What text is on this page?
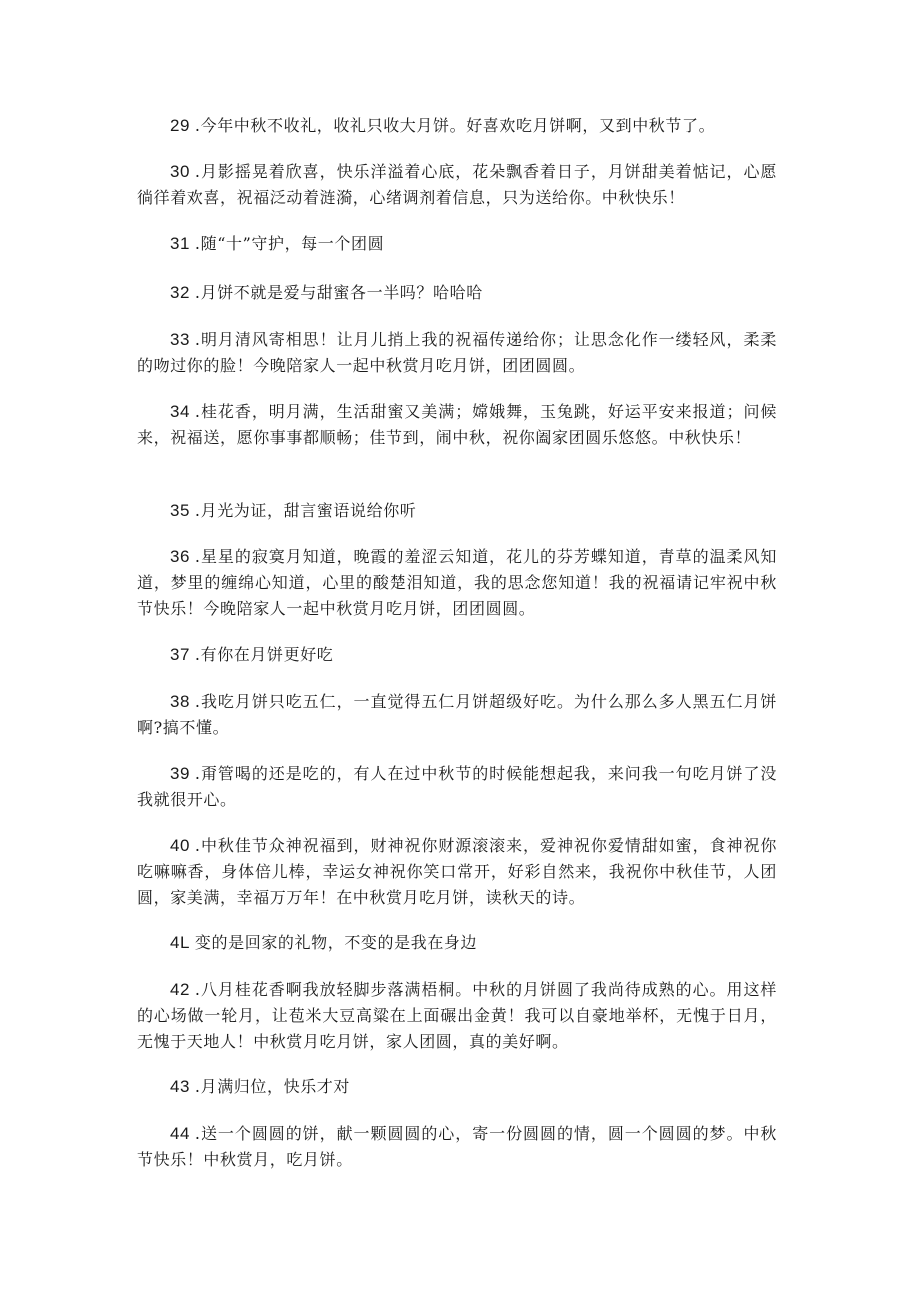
29 .今年中秋不收礼，收礼只收大月饼。好喜欢吃月饼啊，又到中秋节了。

30 .月影摇晃着欣喜，快乐洋溢着心底，花朵飘香着日子，月饼甜美着惦记，心愿徜徉着欢喜，祝福泛动着涟漪，心绪调剂着信息，只为送给你。中秋快乐！

31 .随“十”守护，每一个团圆

32 .月饼不就是爱与甜蜜各一半吗？哈哈哈

33 .明月清风寄相思！让月儿捎上我的祝福传递给你；让思念化作一缕轻风，柔柔的吻过你的脸！今晚陪家人一起中秋赏月吃月饼，团团圆圆。

34 .桂花香，明月满，生活甜蜜又美满；嫦娥舞，玉兔跳，好运平安来报道；问候来，祝福送，愿你事事都顺畅；佳节到，闹中秋，祝你阖家团圆乐悠悠。中秋快乐！

35 .月光为证，甜言蜜语说给你听

36 .星星的寂寞月知道，晚霞的羞涩云知道，花儿的芬芳蝶知道，青草的温柔风知道，梦里的缠绵心知道，心里的酸楚泪知道，我的思念您知道！我的祝福请记牢祝中秋节快乐！今晚陪家人一起中秋赏月吃月饼，团团圆圆。

37 .有你在月饼更好吃

38 .我吃月饼只吃五仁，一直觉得五仁月饼超级好吃。为什么那么多人黑五仁月饼啊?搞不懂。

39 .甭管喝的还是吃的，有人在过中秋节的时候能想起我，来问我一句吃月饼了没我就很开心。

40 .中秋佳节众神祝福到，财神祝你财源滚滚来，爱神祝你爱情甜如蜜，食神祝你吃嘛嘛香，身体倍儿棒，幸运女神祝你笑口常开，好彩自然来，我祝你中秋佳节，人团圆，家美满，幸福万万年！在中秋赏月吃月饼，读秋天的诗。

4L 变的是回家的礼物，不变的是我在身边

42 .八月桂花香啊我放轻脚步落满梧桐。中秋的月饼圆了我尚待成熟的心。用这样的心场做一轮月，让苞米大豆高粱在上面碾出金黄！我可以自豪地举杯，无愧于日月，无愧于天地人！中秋赏月吃月饼，家人团圆，真的美好啊。

43 .月满归位，快乐才对

44 .送一个圆圆的饼，献一颗圆圆的心，寄一份圆圆的情，圆一个圆圆的梦。中秋节快乐！中秋赏月，吃月饼。
